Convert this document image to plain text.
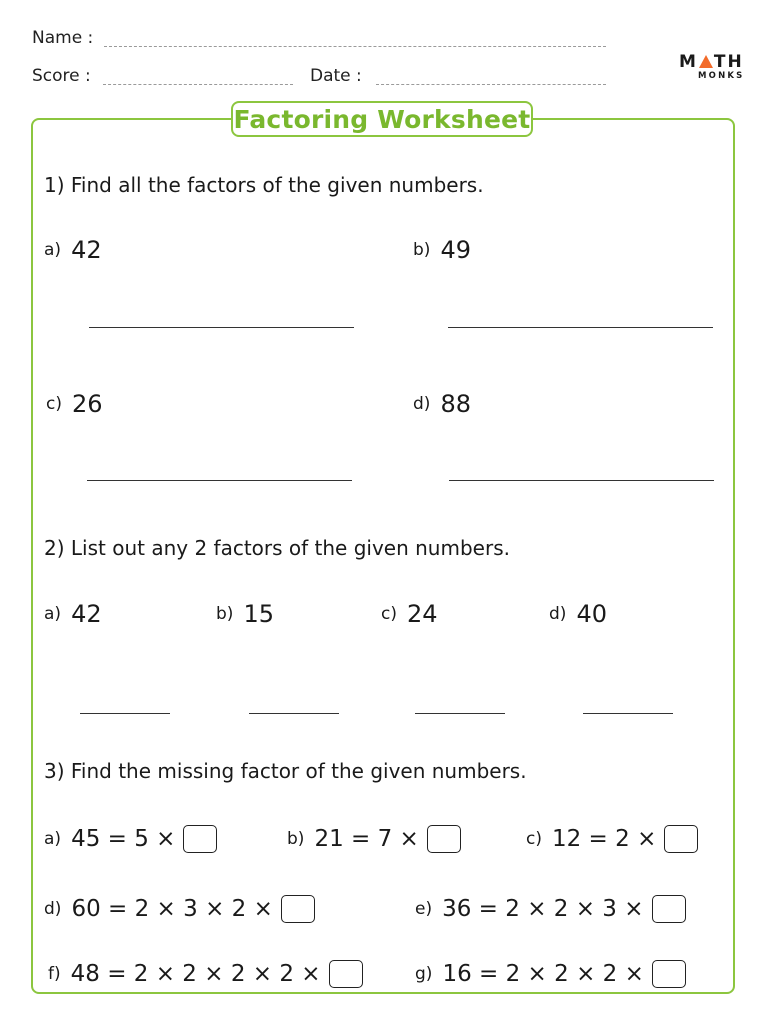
Name :
Score :	Date :
M TH
MONKS
Factoring Worksheet
1) Find all the factors of the given numbers.
a) 42	b) 49
c) 26	d) 88
2) List out any 2 factors of the given numbers.
a) 42	b) 15	c) 24	d) 40
3) Find the missing factor of the given numbers.
a) 45 = 5 ×	b) 21 = 7 ×	c) 12 = 2 ×
d) 60 = 2 × 3 × 2 ×	e) 36 = 2 × 2 × 3 ×
f) 48 = 2 × 2 × 2 × 2 ×	g) 16 = 2 × 2 × 2 ×
